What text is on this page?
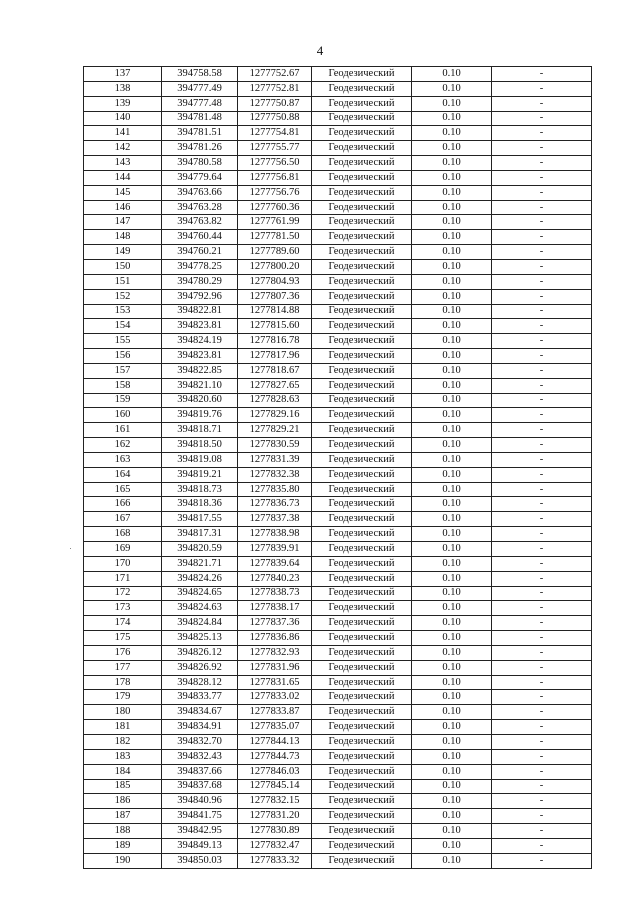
4
137	394758.58	1277752.67	Геодезический	0.10	-
138	394777.49	1277752.81	Геодезический	0.10	-
139	394777.48	1277750.87	Геодезический	0.10	-
140	394781.48	1277750.88	Геодезический	0.10	-
141	394781.51	1277754.81	Геодезический	0.10	-
142	394781.26	1277755.77	Геодезический	0.10	-
143	394780.58	1277756.50	Геодезический	0.10	-
144	394779.64	1277756.81	Геодезический	0.10	-
145	394763.66	1277756.76	Геодезический	0.10	-
146	394763.28	1277760.36	Геодезический	0.10	-
147	394763.82	1277761.99	Геодезический	0.10	-
148	394760.44	1277781.50	Геодезический	0.10	-
149	394760.21	1277789.60	Геодезический	0.10	-
150	394778.25	1277800.20	Геодезический	0.10	-
151	394780.29	1277804.93	Геодезический	0.10	-
152	394792.96	1277807.36	Геодезический	0.10	-
153	394822.81	1277814.88	Геодезический	0.10	-
154	394823.81	1277815.60	Геодезический	0.10	-
155	394824.19	1277816.78	Геодезический	0.10	-
156	394823.81	1277817.96	Геодезический	0.10	-
157	394822.85	1277818.67	Геодезический	0.10	-
158	394821.10	1277827.65	Геодезический	0.10	-
159	394820.60	1277828.63	Геодезический	0.10	-
160	394819.76	1277829.16	Геодезический	0.10	-
161	394818.71	1277829.21	Геодезический	0.10	-
162	394818.50	1277830.59	Геодезический	0.10	-
163	394819.08	1277831.39	Геодезический	0.10	-
164	394819.21	1277832.38	Геодезический	0.10	-
165	394818.73	1277835.80	Геодезический	0.10	-
166	394818.36	1277836.73	Геодезический	0.10	-
167	394817.55	1277837.38	Геодезический	0.10	-
168	394817.31	1277838.98	Геодезический	0.10	-
169	394820.59	1277839.91	Геодезический	0.10	-
170	394821.71	1277839.64	Геодезический	0.10	-
171	394824.26	1277840.23	Геодезический	0.10	-
172	394824.65	1277838.73	Геодезический	0.10	-
173	394824.63	1277838.17	Геодезический	0.10	-
174	394824.84	1277837.36	Геодезический	0.10	-
175	394825.13	1277836.86	Геодезический	0.10	-
176	394826.12	1277832.93	Геодезический	0.10	-
177	394826.92	1277831.96	Геодезический	0.10	-
178	394828.12	1277831.65	Геодезический	0.10	-
179	394833.77	1277833.02	Геодезический	0.10	-
180	394834.67	1277833.87	Геодезический	0.10	-
181	394834.91	1277835.07	Геодезический	0.10	-
182	394832.70	1277844.13	Геодезический	0.10	-
183	394832.43	1277844.73	Геодезический	0.10	-
184	394837.66	1277846.03	Геодезический	0.10	-
185	394837.68	1277845.14	Геодезический	0.10	-
186	394840.96	1277832.15	Геодезический	0.10	-
187	394841.75	1277831.20	Геодезический	0.10	-
188	394842.95	1277830.89	Геодезический	0.10	-
189	394849.13	1277832.47	Геодезический	0.10	-
190	394850.03	1277833.32	Геодезический	0.10	-
